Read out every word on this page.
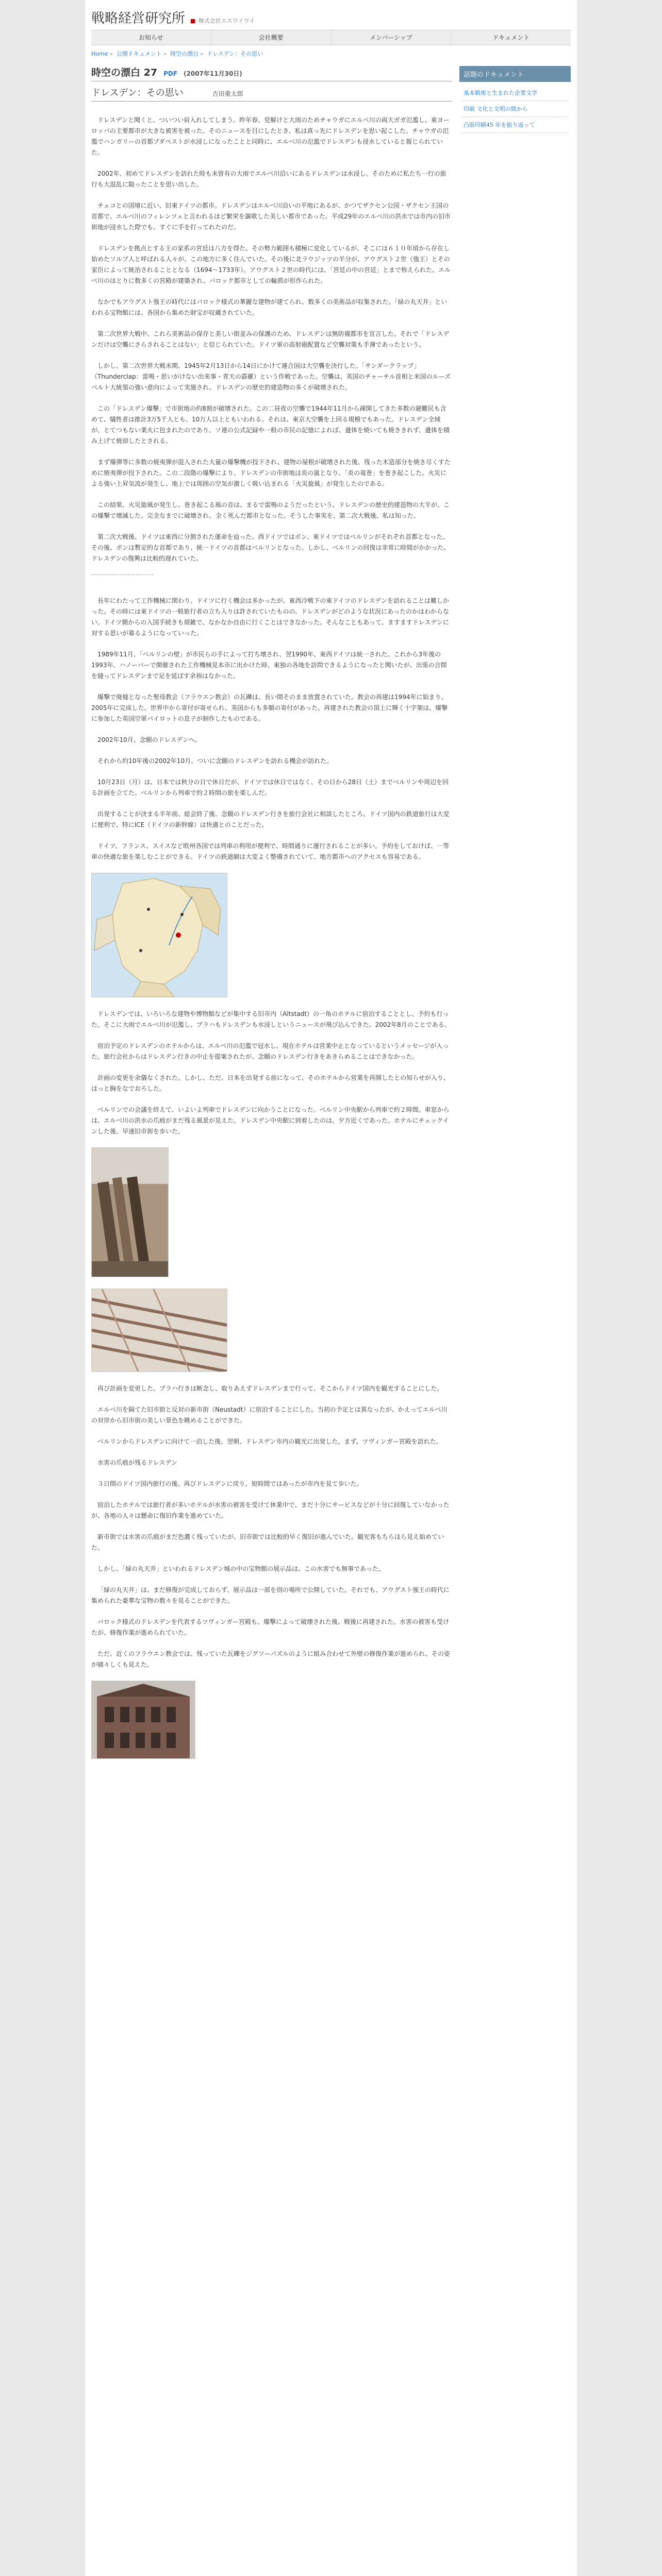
戦略経営研究所 ■ 株式会社エスワイワイ
お知らせ	会社概要	メンバーシップ	ドキュメント
Home » 公開ドキュメント » 時空の漂白 » ドレスデン：その思い
時空の漂白 27 PDF (2007年11月30日)
ドレスデン：その思い	吉田重太郎

ドレスデンと聞くと、ついつい肩入れしてしまう。昨年春、党解けと大雨のためチャウガにエルベ川の両大ガガ氾濫し、東ヨーロッパの主要都市が大きな被害を被った。そのニュースを目にしたとき、私は真っ先にドレスデンを思い起こした。チャウガの氾濫でハンガリーの首都ブダペストが水浸しになったことと同時に、エルベ川の氾濫でドレスデンも浸水していると報じられていた。

2002年、初めてドレスデンを訪れた時も未曽有の大雨でエルベ川沿いにあるドレスデンは水浸し。そのために私たち一行の旅行も大混乱に陥ったことを思い出した。

チェコとの国境に近い、旧東ドイツの都市。ドレスデンはエルベ川沿いの平地にあるが、かつてザクセン公国・ザクセン王国の首都で、エルベ川のフィレンツェと言われるほど繁栄を謳歌した美しい都市であった。平成29年のエルベ川の洪水では市内の旧市街地が浸水した際でも、すぐに手を打ってれたのだ。

ドレスデンを拠点とする王の家系の宮廷は八方を得た、その勢力範囲も積極に変化しているが、そこには６１０年頃から存在し始めたソルブ人と呼ばれる人々が、この地方に多く住んでいた。その後に北ラウジッツの半分が、アウグスト２世（強王）とその家臣によって統治されることとなる（1694～1733年）。アウグスト２世の時代には、「宮廷の中の宮廷」とまで称えられた、エルベ川のほとりに数多くの宮殿が建築され、バロック都市としての輪郭が形作られた。

なかでもアウグスト強王の時代にはバロック様式の華麗な建物が建てられ、数多くの美術品が収集された。「緑の丸天井」といわれる宝物館には、各国から集めた財宝が収蔵されていた。

第二次世界大戦中、これら美術品の保存と美しい街並みの保護のため、ドレスデンは無防備都市を宣言した。それで「ドレスデンだけは空襲にさらされることはない」と信じられていた。ドイツ軍の高射砲配置など空襲対策も手薄であったという。

しかし、第二次世界大戦末期、1945年2月13日から14日にかけて連合国は大空襲を決行した。「サンダークラップ」（Thunderclap：雷鳴・思いがけない出来事・青天の霹靂）という作戦であった。空襲は、英国のチャーチル首相と米国のルーズベルト大統領の強い意向によって実施され、ドレスデンの歴史的建造物の多くが破壊された。

この「ドレスデン爆撃」で市街地の約8割が破壊された。この二昼夜の空襲で1944年11月から疎開してきた多数の避難民も含めて、犠牲者は推計3万5千人とも、10万人以上ともいわれる。それは、東京大空襲を上回る規模でもあった。ドレスデン全域が、とてつもない業火に包まれたのであり、ソ連の公式記録や一般の市民の記憶によれば、遺体を焼いても焼ききれず、遺体を積み上げて焼却したとされる。

まず爆弾等に多数の焼夷弾が混入された大量の爆撃機が投下され、建物の屋根が破壊された後、残った木造部分を焼き尽くすために焼夷弾が投下された。この二段階の爆撃により、ドレスデンの市街地は炎の嵐となり、「炎の竜巻」を巻き起こした。火災による強い上昇気流が発生し、地上では周囲の空気が激しく吸い込まれる「火災旋風」が発生したのである。

この結果、火災旋風が発生し、巻き起こる風の音は、まるで雷鳴のようだったという。ドレスデンの歴史的建造物の大半が、この爆撃で壊滅した。完全なまでに破壊され、全く死んだ都市となった。そうした事実を、第二次大戦後、私は知った。

第二次大戦後、ドイツは東西に分割された運命を辿った。西ドイツではボン、東ドイツではベルリンがそれぞれ首都となった。その後、ボンは暫定的な首都であり、統一ドイツの首都はベルリンとなった。しかし、ベルリンの回復は非常に時間がかかった。ドレスデンの復興は比較的遅れていた。

長年にわたって工作機械に関わり、ドイツに行く機会は多かったが、東西冷戦下の東ドイツのドレスデンを訪れることは難しかった。その時には東ドイツの一般旅行者の立ち入りは許されていたものの、ドレスデンがどのような状況にあったのかはわからない。ドイツ側からの入国手続きも煩雑で、なかなか自由に行くことはできなかった。そんなこともあって、ますますドレスデンに対する思いが募るようになっていった。

1989年11月、「ベルリンの壁」が市民らの手によって打ち壊され、翌1990年、東西ドイツは統一された。これから3年後の1993年、ハノーバーで開催された工作機械見本市に出かけた時、東独の各地を訪問できるようになったと聞いたが、出張の合間を縫ってドレスデンまで足を延ばす余裕はなかった。

爆撃で廃墟となった聖母教会（フラウエン教会）の瓦礫は、長い間そのまま放置されていた。教会の再建は1994年に始まり、2005年に完成した。世界中から寄付が寄せられ、英国からも多額の寄付があった。再建された教会の頂上に輝く十字架は、爆撃に参加した英国空軍パイロットの息子が制作したものである。

2002年10月、念願のドレスデンへ。

それから約10年後の2002年10月、ついに念願のドレスデンを訪れる機会が訪れた。

10月23日（月）は、日本では秋分の日で休日だが、ドイツでは休日ではなく、その日から28日（土）までベルリンや周辺を回る計画を立てた。ベルリンから列車で約２時間の旅を楽しんだ。

出発することが決まる半年前、総会終了後、念願のドレスデン行きを旅行会社に相談したところ、ドイツ国内の鉄道旅行は大変に便利で、特にICE（ドイツの新幹線）は快適とのことだった。

ドイツ、フランス、スイスなど欧州各国では列車の利用が便利で、時間通りに運行されることが多い。予約をしておけば、一等車の快適な旅を楽しむことができる。ドイツの鉄道網は大変よく整備されていて、地方都市へのアクセスも容易である。

ドレスデンでは、いろいろな建物や博物館などが集中する旧市内（Altstadt）の一角のホテルに宿泊することとし、予約も行った。そこに大雨でエルベ川が氾濫し、プラハもドレスデンも水浸しというニュースが飛び込んできた。2002年8月のことである。

宿泊予定のドレスデンのホテルからは、エルベ川の氾濫で冠水し、現在ホテルは営業中止となっているというメッセージが入った。旅行会社からはドレスデン行きの中止を提案されたが、念願のドレスデン行きをあきらめることはできなかった。

計画の変更を余儀なくされた。しかし、ただ、日本を出発する前になって、そのホテルから営業を再開したとの知らせが入り、ほっと胸をなでおろした。

ベルリンでの会議を終えて、いよいよ列車でドレスデンに向かうことになった。ベルリン中央駅から列車で約２時間。車窓からは、エルベ川の洪水の爪痕がまだ残る風景が見えた。ドレスデン中央駅に到着したのは、夕方近くであった。ホテルにチェックインした後、早速旧市街を歩いた。

再び計画を変更した。プラハ行きは断念し、取りあえずドレスデンまで行って、そこからドイツ国内を観光することにした。

エルベ川を隔てた旧市街と反対の新市街（Neustadt）に宿泊することにした。当初の予定とは異なったが、かえってエルベ川の対岸から旧市街の美しい景色を眺めることができた。

ベルリンからドレスデンに向けて一泊した後、翌朝、ドレスデン市内の観光に出発した。まず、ツヴィンガー宮殿を訪れた。

水害の爪痕が残るドレスデン

３日間のドイツ国内旅行の後、再びドレスデンに戻り、短時間ではあったが市内を見て歩いた。

宿泊したホテルでは旅行者が多いホテルが水害の被害を受けて休業中で、まだ十分にサービスなどが十分に回復していなかったが、各地の人々は懸命に復旧作業を進めていた。

新市街では水害の爪痕がまだ色濃く残っていたが、旧市街では比較的早く復旧が進んでいた。観光客もちらほら見え始めていた。

しかし、「緑の丸天井」といわれるドレスデン城の中の宝物館の展示品は、この水害でも無事であった。

「緑の丸天井」は、まだ修復が完成しておらず、展示品は一部を別の場所で公開していた。それでも、アウグスト強王の時代に集められた豪華な宝物の数々を見ることができた。

バロック様式のドレスデンを代表するツヴィンガー宮殿も、爆撃によって破壊された後、戦後に再建された。水害の被害も受けたが、修復作業が進められていた。

ただ、近くのフラウエン教会では、残っていた瓦礫をジグソーパズルのように組み合わせて外壁の修復作業が進められ、その姿が痛々しくも見えた。

話題のドキュメント
基本戦術と生まれた企業文学
印刷 文化と文明の間から
凸版印刷45 年を振り返って
